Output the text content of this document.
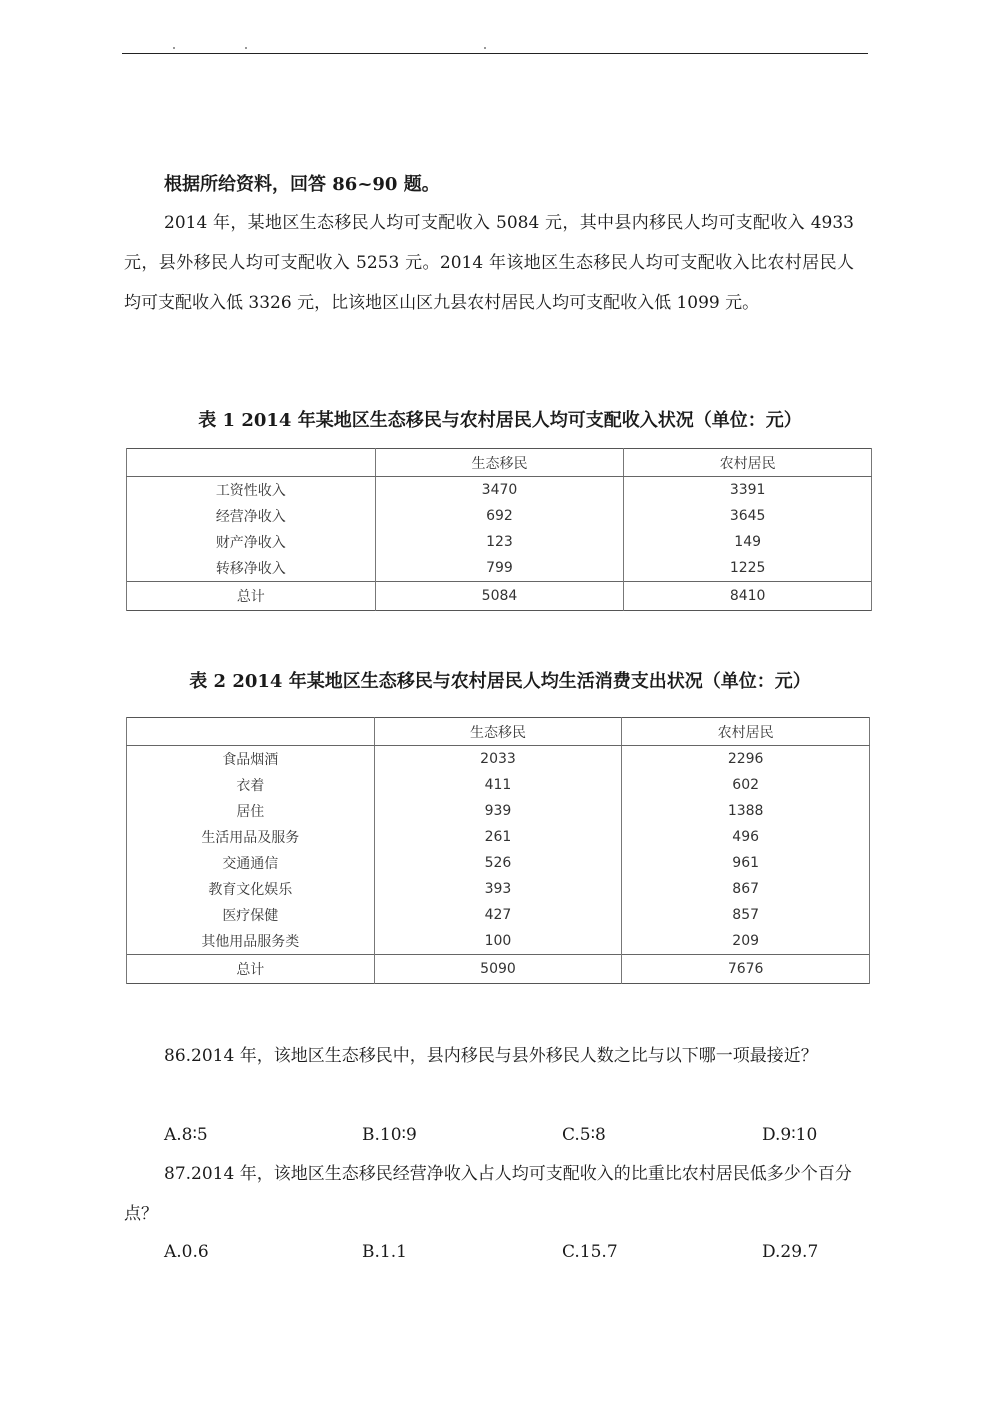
根据所给资料，回答 86~90 题。
2014 年，某地区生态移民人均可支配收入 5084 元，其中县内移民人均可支配收入 4933 元，县外移民人均可支配收入 5253 元。2014 年该地区生态移民人均可支配收入比农村居民人均可支配收入低 3326 元，比该地区山区九县农村居民人均可支配收入低 1099 元。
表 1 2014 年某地区生态移民与农村居民人均可支配收入状况（单位：元）
	生态移民	农村居民
工资性收入	3470	3391
经营净收入	692	3645
财产净收入	123	149
转移净收入	799	1225
总计	5084	8410
表 2 2014 年某地区生态移民与农村居民人均生活消费支出状况（单位：元）
	生态移民	农村居民
食品烟酒	2033	2296
衣着	411	602
居住	939	1388
生活用品及服务	261	496
交通通信	526	961
教育文化娱乐	393	867
医疗保健	427	857
其他用品服务类	100	209
总计	5090	7676
86.2014 年，该地区生态移民中，县内移民与县外移民人数之比与以下哪一项最接近？
A.8∶5	B.10∶9	C.5∶8	D.9∶10
87.2014 年，该地区生态移民经营净收入占人均可支配收入的比重比农村居民低多少个百分点？
A.0.6	B.1.1	C.15.7	D.29.7
